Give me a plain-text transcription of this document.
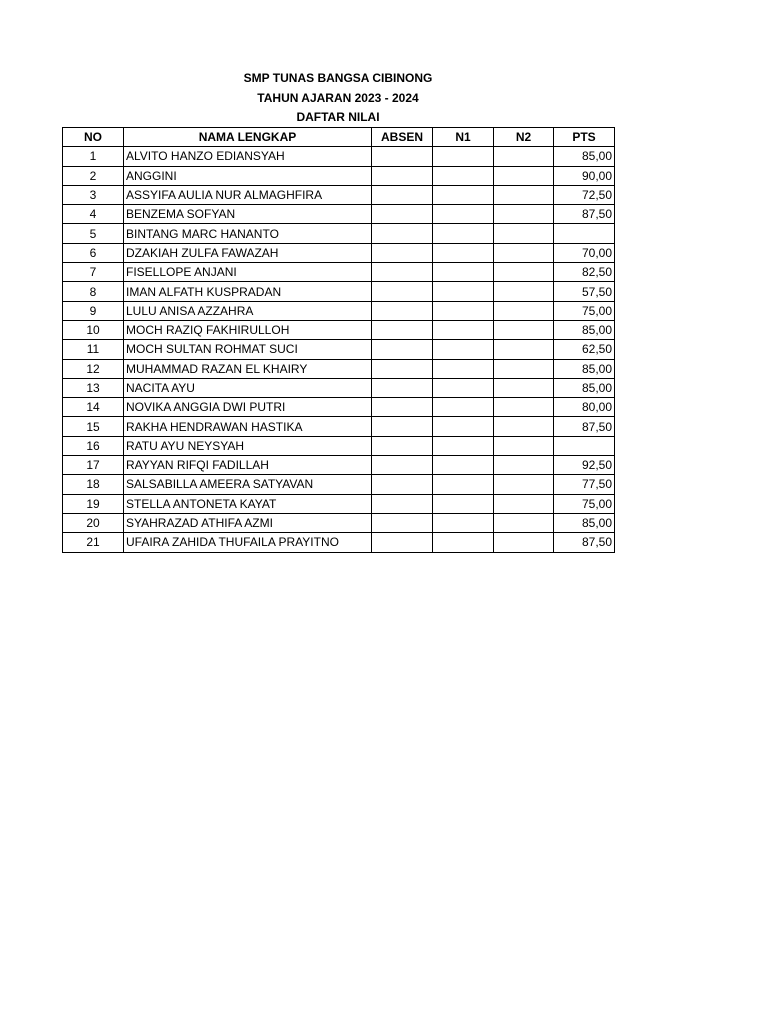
SMP TUNAS BANGSA CIBINONG
TAHUN AJARAN 2023 - 2024
DAFTAR NILAI
NO	NAMA LENGKAP	ABSEN	N1	N2	PTS
1	ALVITO HANZO EDIANSYAH				85,00
2	ANGGINI				90,00
3	ASSYIFA AULIA NUR ALMAGHFIRA				72,50
4	BENZEMA SOFYAN				87,50
5	BINTANG MARC HANANTO				
6	DZAKIAH ZULFA FAWAZAH				70,00
7	FISELLOPE ANJANI				82,50
8	IMAN ALFATH KUSPRADAN				57,50
9	LULU ANISA AZZAHRA				75,00
10	MOCH RAZIQ FAKHIRULLOH				85,00
11	MOCH SULTAN ROHMAT SUCI				62,50
12	MUHAMMAD RAZAN EL KHAIRY				85,00
13	NACITA AYU				85,00
14	NOVIKA ANGGIA DWI PUTRI				80,00
15	RAKHA HENDRAWAN HASTIKA				87,50
16	RATU AYU NEYSYAH				
17	RAYYAN RIFQI FADILLAH				92,50
18	SALSABILLA AMEERA SATYAVAN				77,50
19	STELLA ANTONETA KAYAT				75,00
20	SYAHRAZAD ATHIFA AZMI				85,00
21	UFAIRA ZAHIDA THUFAILA PRAYITNO				87,50
